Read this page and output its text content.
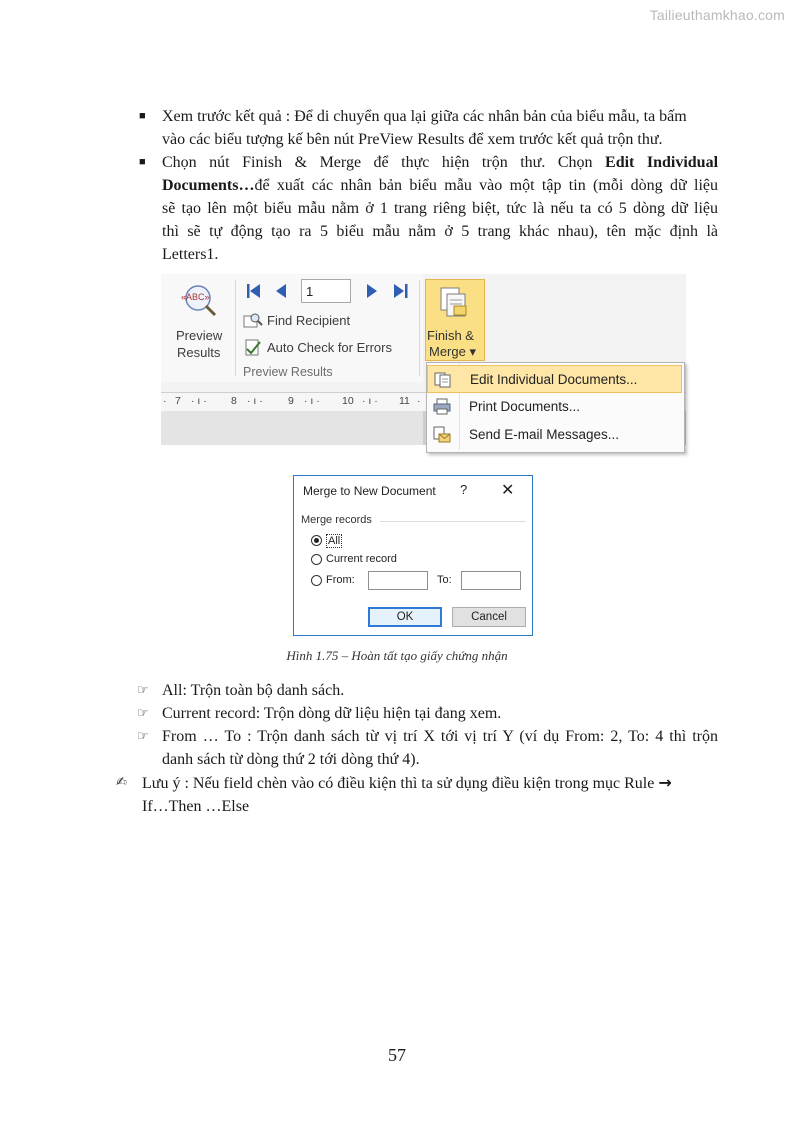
Tailieuthamkhao.com
■ Xem trước kết quả : Để di chuyển qua lại giữa các nhân bản của biểu mẫu, ta bấm

vào các biểu tượng kế bên nút PreView Results để xem trước kết quả trộn thư.

■ Chọn nút Finish & Merge để thực hiện trộn thư. Chọn Edit Individual

Documents…để xuất các nhân bản biểu mẫu vào một tập tin (mỗi dòng dữ liệu

sẽ tạo lên một biểu mẫu nằm ở 1 trang riêng biệt, tức là nếu ta có 5 dòng dữ liệu

thì sẽ tự động tạo ra 5 biểu mẫu nằm ở 5 trang khác nhau), tên mặc định là

Letters1.

«ABC»
Preview
Results
1
Find Recipient
Auto Check for Errors
Preview Results
Finish &
Merge ▾
· 7 · ı · 8 · ı · 9 · ı · 10 · ı · 11 ·
Edit Individual Documents...
Print Documents...
Send E-mail Messages...
Merge to New Document ? ✕
Merge records
All
Current record
From:	To:
OK	Cancel
Hình 1.75 – Hoàn tất tạo giấy chứng nhận
☞ All: Trộn toàn bộ danh sách.

☞ Current record: Trộn dòng dữ liệu hiện tại đang xem.

☞ From … To : Trộn danh sách từ vị trí X tới vị trí Y (ví dụ From: 2, To: 4 thì trộn

danh sách từ dòng thứ 2 tới dòng thứ 4).

✍ Lưu ý : Nếu field chèn vào có điều kiện thì ta sử dụng điều kiện trong mục Rule →

If…Then …Else

57
